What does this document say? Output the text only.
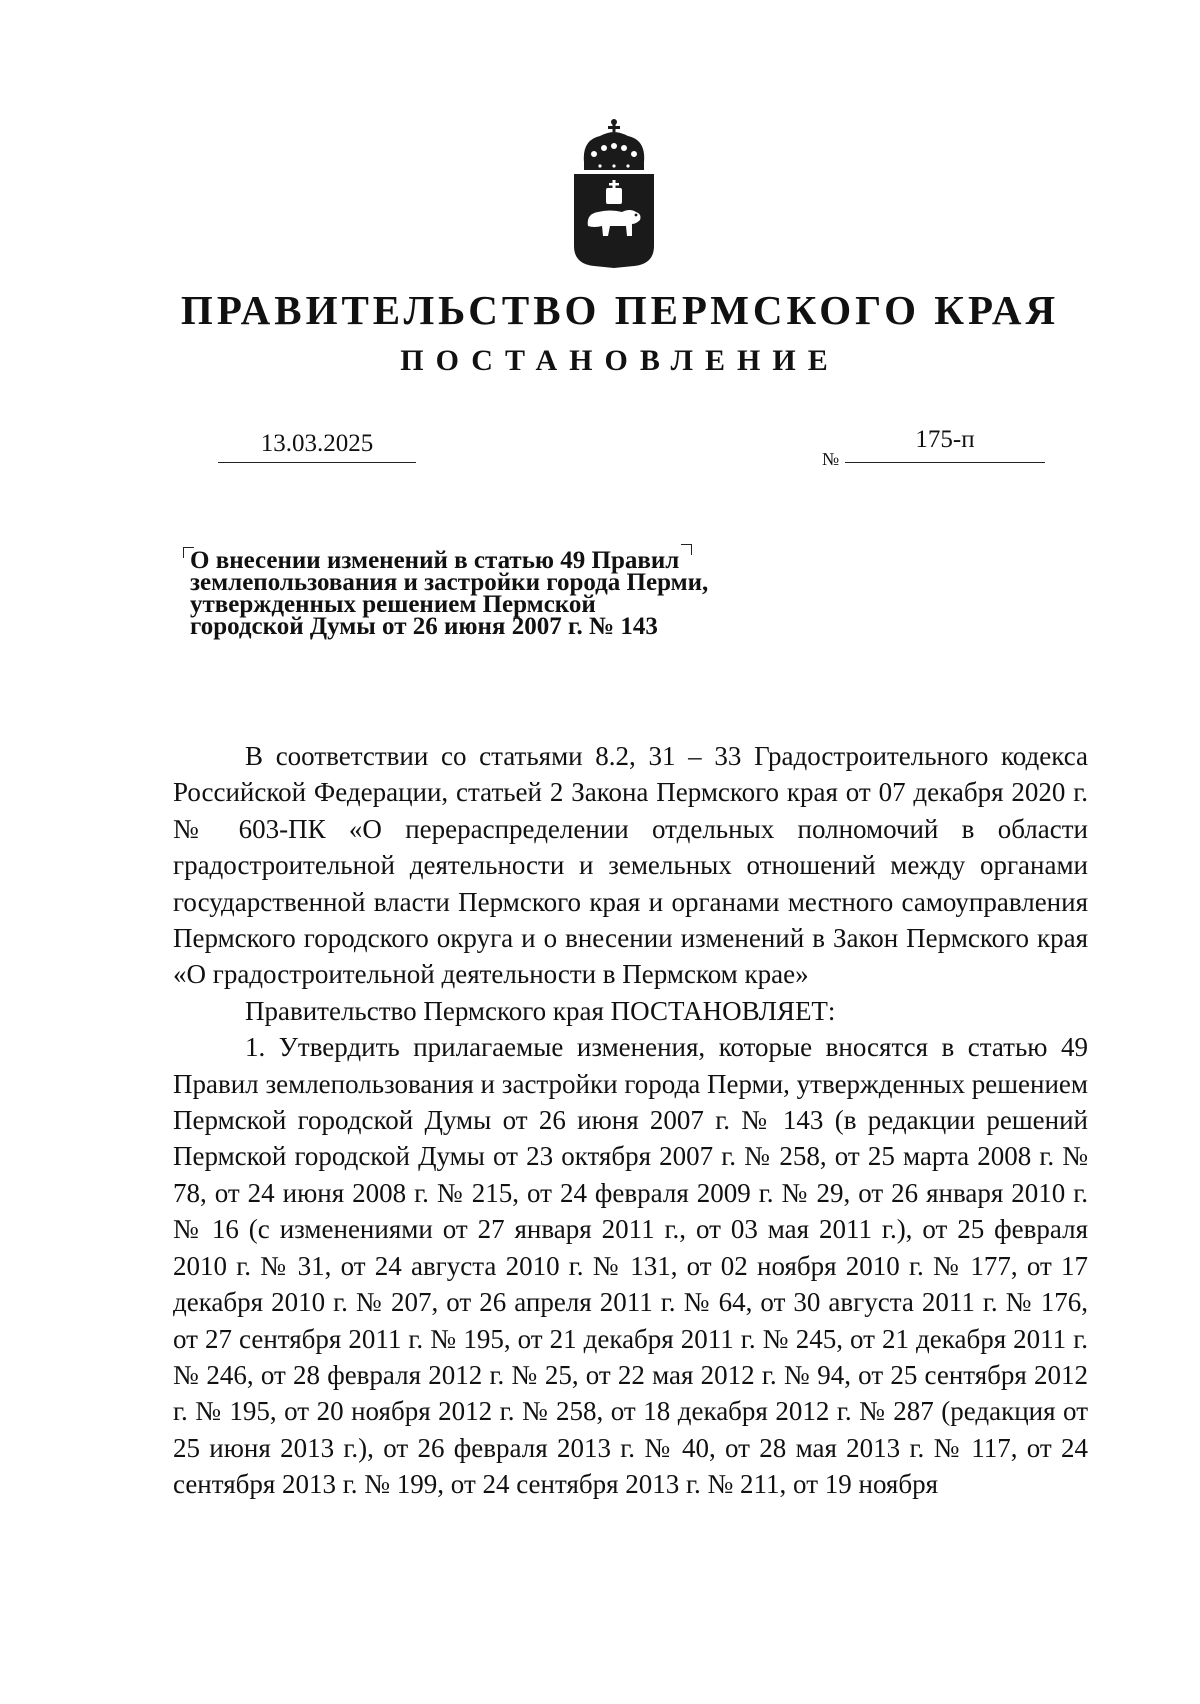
ПРАВИТЕЛЬСТВО ПЕРМСКОГО КРАЯ
ПОСТАНОВЛЕНИЕ
13.03.2025
№
175-п
О внесении изменений в статью 49 Правил землепользования и застройки города Перми, утвержденных решением Пермской городской Думы от 26 июня 2007 г. № 143

В соответствии со статьями 8.2, 31 – 33 Градостроительного кодекса Российской Федерации, статьей 2 Закона Пермского края от 07 декабря 2020 г. № 603-ПК «О перераспределении отдельных полномочий в области градостроительной деятельности и земельных отношений между органами государственной власти Пермского края и органами местного самоуправления Пермского городского округа и о внесении изменений в Закон Пермского края «О градостроительной деятельности в Пермском крае»

Правительство Пермского края ПОСТАНОВЛЯЕТ:

1. Утвердить прилагаемые изменения, которые вносятся в статью 49 Правил землепользования и застройки города Перми, утвержденных решением Пермской городской Думы от 26 июня 2007 г. № 143 (в редакции решений Пермской городской Думы от 23 октября 2007 г. № 258, от 25 марта 2008 г. № 78, от 24 июня 2008 г. № 215, от 24 февраля 2009 г. № 29, от 26 января 2010 г. № 16 (с изменениями от 27 января 2011 г., от 03 мая 2011 г.), от 25 февраля 2010 г. № 31, от 24 августа 2010 г. № 131, от 02 ноября 2010 г. № 177, от 17 декабря 2010 г. № 207, от 26 апреля 2011 г. № 64, от 30 августа 2011 г. № 176, от 27 сентября 2011 г. № 195, от 21 декабря 2011 г. № 245, от 21 декабря 2011 г. № 246, от 28 февраля 2012 г. № 25, от 22 мая 2012 г. № 94, от 25 сентября 2012 г. № 195, от 20 ноября 2012 г. № 258, от 18 декабря 2012 г. № 287 (редакция от 25 июня 2013 г.), от 26 февраля 2013 г. № 40, от 28 мая 2013 г. № 117, от 24 сентября 2013 г. № 199, от 24 сентября 2013 г. № 211, от 19 ноября
